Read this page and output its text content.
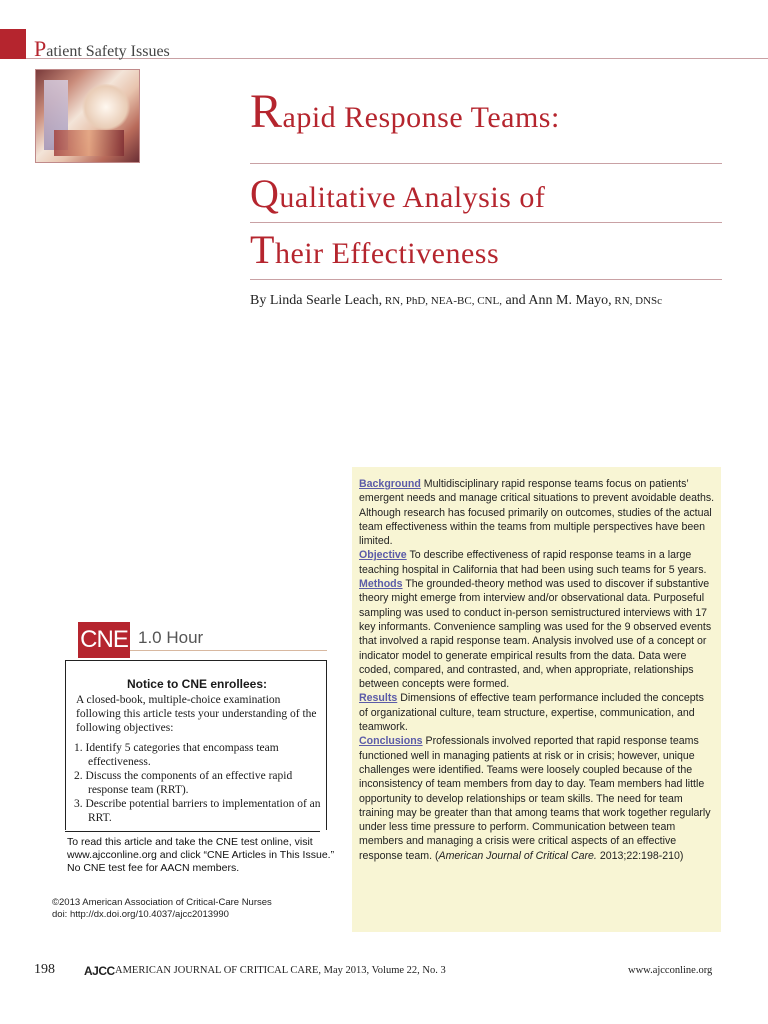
Patient Safety Issues
Rapid Response Teams:
Qualitative Analysis of
Their Effectiveness
By Linda Searle Leach, RN, PhD, NEA-BC, CNL, and Ann M. Mayo, RN, DNSc
CNE 1.0 Hour
Notice to CNE enrollees:
A closed-book, multiple-choice examination following this article tests your understanding of the following objectives:
1. Identify 5 categories that encompass team effectiveness.
2. Discuss the components of an effective rapid response team (RRT).
3. Describe potential barriers to implementation of an RRT.
To read this article and take the CNE test online, visit www.ajcconline.org and click “CNE Articles in This Issue.” No CNE test fee for AACN members.
©2013 American Association of Critical-Care Nurses
doi: http://dx.doi.org/10.4037/ajcc2013990
Background Multidisciplinary rapid response teams focus on patients’ emergent needs and manage critical situations to prevent avoidable deaths. Although research has focused primarily on outcomes, studies of the actual team effectiveness within the teams from multiple perspectives have been limited.
Objective To describe effectiveness of rapid response teams in a large teaching hospital in California that had been using such teams for 5 years.
Methods The grounded-theory method was used to discover if substantive theory might emerge from interview and/or observational data. Purposeful sampling was used to conduct in-person semistructured interviews with 17 key informants. Convenience sampling was used for the 9 observed events that involved a rapid response team. Analysis involved use of a concept or indicator model to generate empirical results from the data. Data were coded, compared, and contrasted, and, when appropriate, relationships between concepts were formed.
Results Dimensions of effective team performance included the concepts of organizational culture, team structure, expertise, communication, and teamwork.
Conclusions Professionals involved reported that rapid response teams functioned well in managing patients at risk or in crisis; however, unique challenges were identified. Teams were loosely coupled because of the inconsistency of team members from day to day. Team members had little opportunity to develop relationships or team skills. The need for team training may be greater than that among teams that work together regularly under less time pressure to perform. Communication between team members and managing a crisis were critical aspects of an effective response team. (American Journal of Critical Care. 2013;22:198-210)
198 AJCC AMERICAN JOURNAL OF CRITICAL CARE, May 2013, Volume 22, No. 3	www.ajcconline.org
